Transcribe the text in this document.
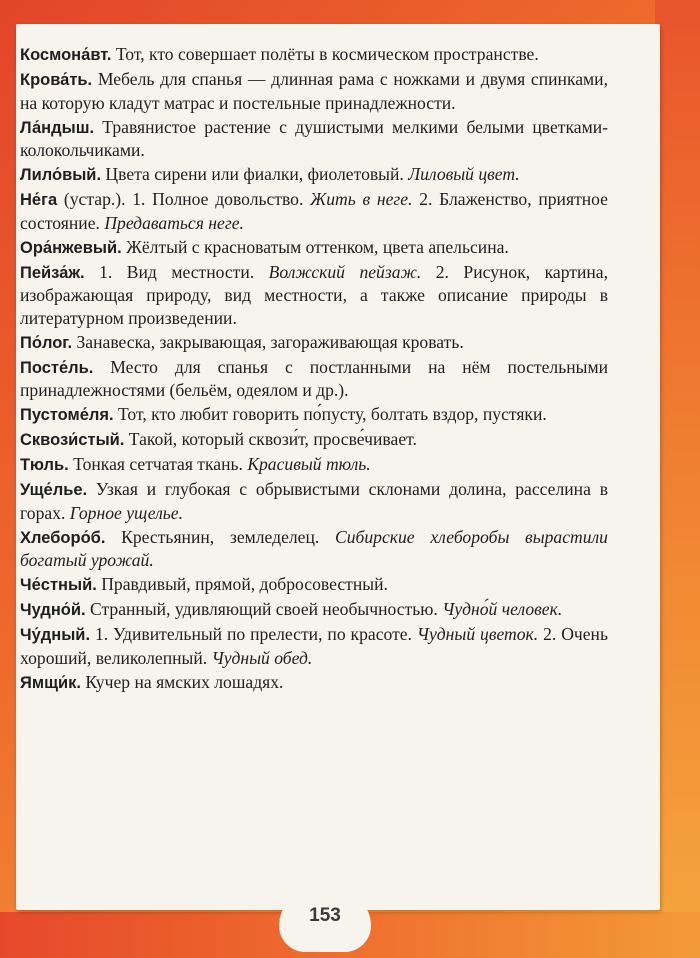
153

Космона́вт. Тот, кто совершает полёты в космическом пространстве.

Крова́ть. Мебель для спанья — длинная рама с ножками и двумя спинками, на которую кладут матрас и постельные принадлежности.

Ла́ндыш. Травянистое растение с душистыми мелкими белыми цветками-колокольчиками.

Лило́вый. Цвета сирени или фиалки, фиолетовый. Лиловый цвет.

Не́га (устар.). 1. Полное довольство. Жить в неге. 2. Блаженство, приятное состояние. Предаваться неге.

Ора́нжевый. Жёлтый с красноватым оттенком, цвета апельсина.

Пейза́ж. 1. Вид местности. Волжский пейзаж. 2. Рисунок, картина, изображающая природу, вид местности, а также описание природы в литературном произведении.

По́лог. Занавеска, закрывающая, загораживающая кровать.

Посте́ль. Место для спанья с постланными на нём постельными принадлежностями (бельём, одеялом и др.).

Пустоме́ля. Тот, кто любит говорить по́пусту, болтать вздор, пустяки.

Сквози́стый. Такой, который сквози́т, просве́чивает.

Тюль. Тонкая сетчатая ткань. Красивый тюль.

Уще́лье. Узкая и глубокая с обрывистыми склонами долина, расселина в горах. Горное ущелье.

Хлеборо́б. Крестьянин, земледелец. Сибирские хлеборобы вырастили богатый урожай.

Че́стный. Правдивый, прямой, добросовестный.

Чудно́й. Странный, удивляющий своей необычностью. Чудно́й человек.

Чу́дный. 1. Удивительный по прелести, по красоте. Чудный цветок. 2. Очень хороший, великолепный. Чудный обед.

Ямщи́к. Кучер на ямских лошадях.
